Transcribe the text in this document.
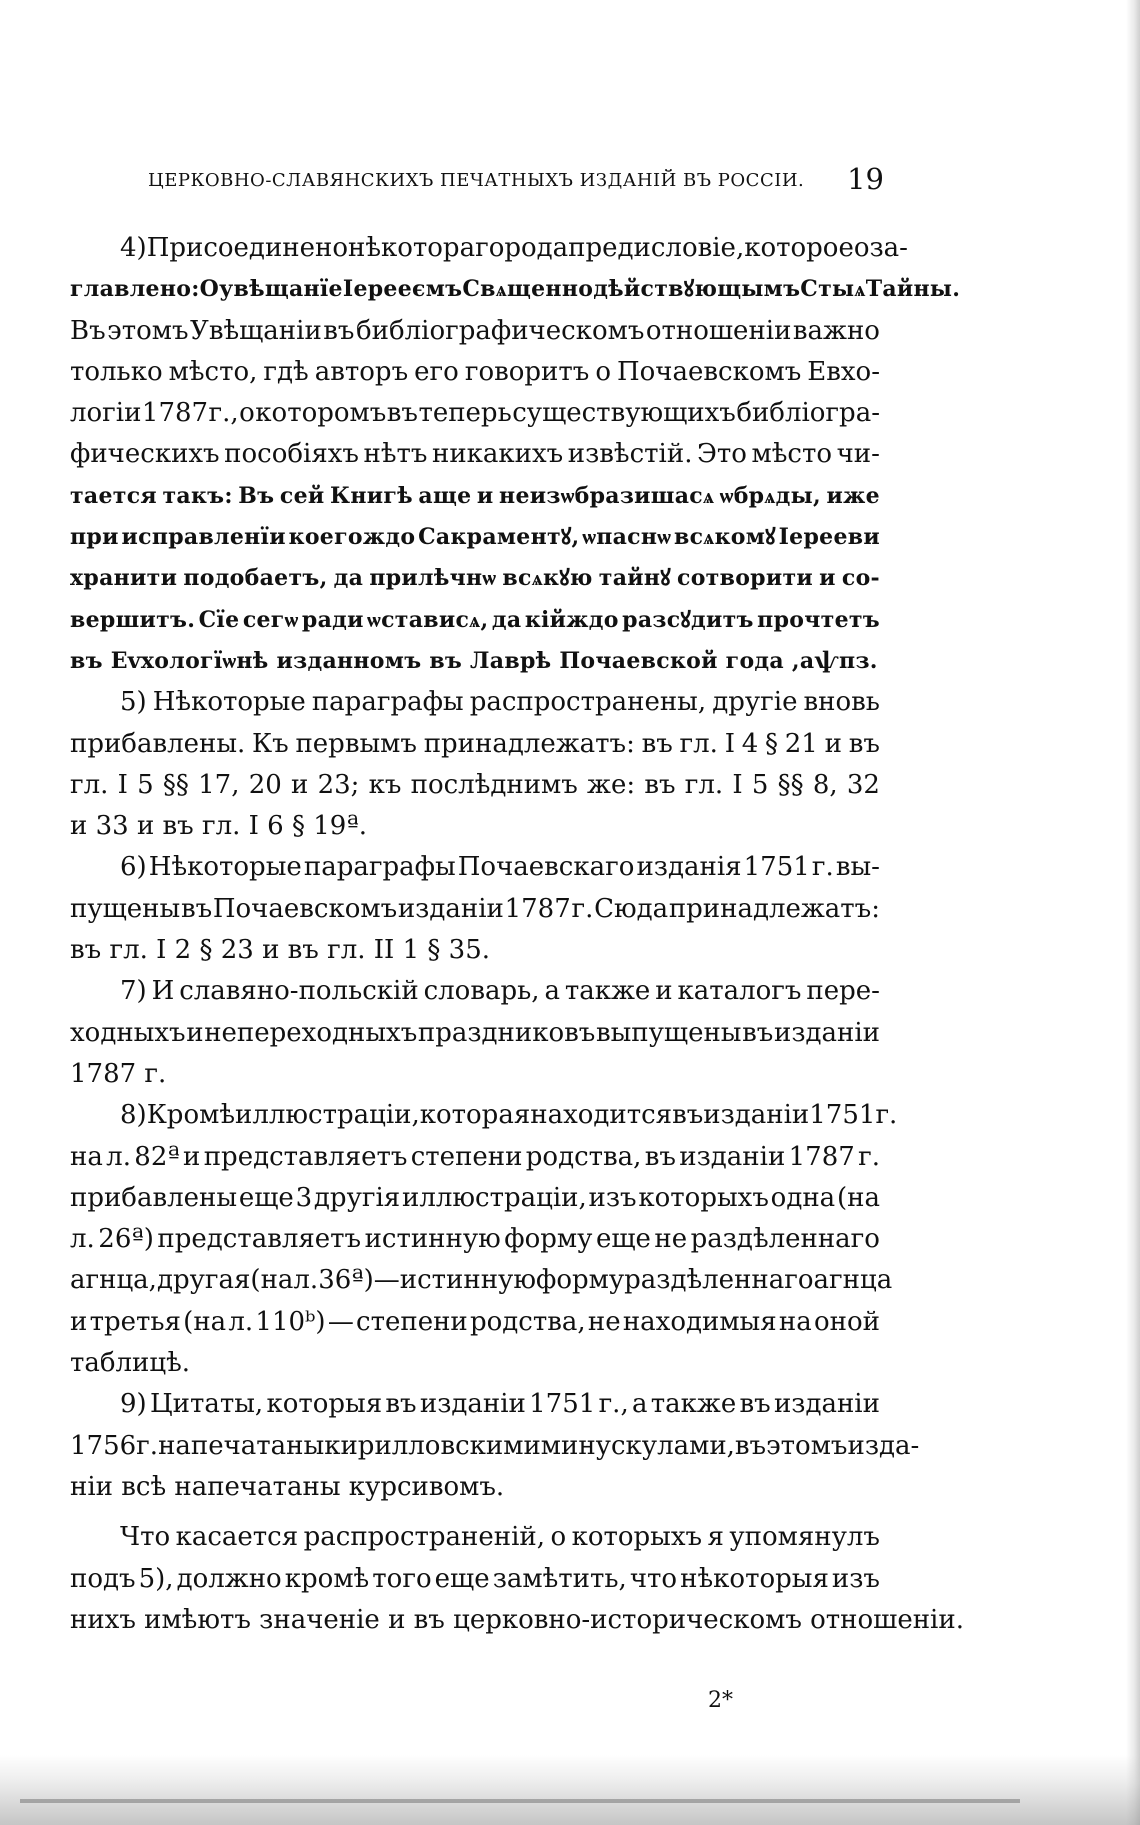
ЦЕРКОВНО-СЛАВЯНСКИХЪ ПЕЧАТНЫХЪ ИЗДАНІЙ ВЪ РОССІИ. 19
4) Присоединено нѣкотораго рода предисловіе, которое оза-
главлено: Оувѣщанїе Іерееємъ Свѧщеннодѣйствꙋющымъ Стыѧ Тайны.
Въ этомъ Увѣщаніи въ библіографическомъ отношеніи важно
только мѣсто, гдѣ авторъ его говоритъ о Почаевскомъ Евхо-
логіи 1787 г., о которомъ въ теперь существующихъ библіогра-
фическихъ пособіяхъ нѣтъ никакихъ извѣстій. Это мѣсто чи-
тается такъ: Въ сей Книгѣ аще и неизѡбразишасѧ ѡбрѧды, иже
при исправленїи коегождо Сакраментꙋ, ѡпаснѡ всѧкомꙋ Іерееви
хранити подобаетъ, да прилѣчнѡ всѧкꙋю тайнꙋ сотворити и со-
вершитъ. Сїе сегѡ ради ѡстависѧ, да кійждо разсꙋдитъ прочтетъ
въ Еvхологїѡнѣ изданномъ въ Лаврѣ Почаевской года ,аѱпз.
5) Нѣкоторые параграфы распространены, другіе вновь
прибавлены. Къ первымъ принадлежатъ: въ гл. I 4 § 21 и въ
гл. I 5 §§ 17, 20 и 23; къ послѣднимъ же: въ гл. I 5 §§ 8, 32
и 33 и въ гл. I 6 § 19ª.
6) Нѣкоторые параграфы Почаевскаго изданія 1751 г. вы-
пущены въ Почаевскомъ изданіи 1787 г. Сюда принадлежатъ:
въ гл. I 2 § 23 и въ гл. II 1 § 35.
7) И славяно-польскій словарь, а также и каталогъ пере-
ходныхъ и непереходныхъ праздниковъ выпущены въ изданіи
1787 г.
8) Кромѣ иллюстраціи, которая находится въ изданіи 1751 г.
на л. 82ª и представляетъ степени родства, въ изданіи 1787 г.
прибавлены еще 3 другія иллюстраціи, изъ которыхъ одна (на
л. 26ª) представляетъ истинную форму еще не раздѣленнаго
агнца, другая (на л. 36ª) — истинную форму раздѣленнаго агнца
и третья (на л. 110ᵇ) — степени родства, не находимыя на оной
таблицѣ.
9) Цитаты, которыя въ изданіи 1751 г., а также въ изданіи
1756 г. напечатаны кирилловскими минускулами, въ этомъ изда-
ніи всѣ напечатаны курсивомъ.
Что касается распространеній, о которыхъ я упомянулъ
подъ 5), должно кромѣ того еще замѣтить, что нѣкоторыя изъ
нихъ имѣютъ значеніе и въ церковно-историческомъ отношеніи.
2*
